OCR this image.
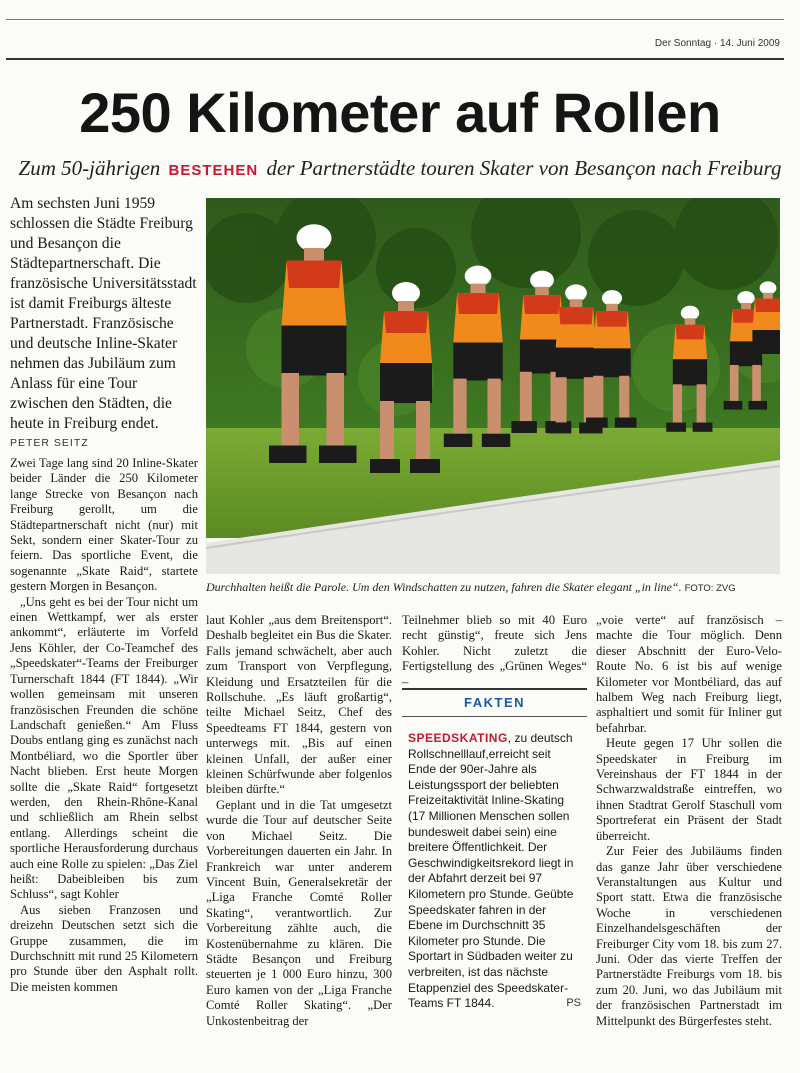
Der Sonntag · 14. Juni 2009
250 Kilometer auf Rollen
Zum 50-jährigen BESTEHEN der Partnerstädte touren Skater von Besançon nach Freiburg

Am sechsten Juni 1959 schlossen die Städte Freiburg und Besançon die Städtepartnerschaft. Die französische Universitätsstadt ist damit Freiburgs älteste Partnerstadt. Französische und deutsche Inline-Skater nehmen das Jubiläum zum Anlass für eine Tour zwischen den Städten, die heute in Freiburg endet.

PETER SEITZ

Zwei Tage lang sind 20 Inline-Skater beider Länder die 250 Kilometer lange Strecke von Besançon nach Freiburg gerollt, um die Städtepartnerschaft nicht (nur) mit Sekt, sondern einer Skater-Tour zu feiern. Das sportliche Event, die sogenannte „Skate Raid“, startete gestern Morgen in Besançon.

„Uns geht es bei der Tour nicht um einen Wettkampf, wer als erster ankommt“, erläuterte im Vorfeld Jens Köhler, der Co-Teamchef des „Speedskater“-Teams der Freiburger Turnerschaft 1844 (FT 1844). „Wir wollen gemeinsam mit unseren französischen Freunden die schöne Landschaft genießen.“ Am Fluss Doubs entlang ging es zunächst nach Montbéliard, wo die Sportler über Nacht blieben. Erst heute Morgen sollte die „Skate Raid“ fortgesetzt werden, den Rhein-Rhône-Kanal und schließlich am Rhein selbst entlang. Allerdings scheint die sportliche Herausforderung durchaus auch eine Rolle zu spielen: „Das Ziel heißt: Dabeibleiben bis zum Schluss“, sagt Kohler

Aus sieben Franzosen und dreizehn Deutschen setzt sich die Gruppe zusammen, die im Durchschnitt mit rund 25 Kilometern pro Stunde über den Asphalt rollt. Die meisten kommen

Durchhalten heißt die Parole. Um den Windschatten zu nutzen, fahren die Skater elegant „in line“. FOTO: ZVG

laut Kohler „aus dem Breitensport“. Deshalb begleitet ein Bus die Skater. Falls jemand schwächelt, aber auch zum Transport von Verpflegung, Kleidung und Ersatzteilen für die Rollschuhe. „Es läuft großartig“, teilte Michael Seitz, Chef des Speedteams FT 1844, gestern von unterwegs mit. „Bis auf einen kleinen Unfall, der außer einer kleinen Schürfwunde aber folgenlos bleiben dürfte.“

Geplant und in die Tat umgesetzt wurde die Tour auf deutscher Seite von Michael Seitz. Die Vorbereitungen dauerten ein Jahr. In Frankreich war unter anderem Vincent Buin, Generalsekretär der „Liga Franche Comté Roller Skating“, verantwortlich. Zur Vorbereitung zählte auch, die Kostenübernahme zu klären. Die Städte Besançon und Freiburg steuerten je 1 000 Euro hinzu, 300 Euro kamen von der „Liga Franche Comté Roller Skating“. „Der Unkostenbeitrag der

Teilnehmer blieb so mit 40 Euro recht günstig“, freute sich Jens Kohler. Nicht zuletzt die Fertigstellung des „Grünen Weges“ –

FAKTEN
SPEEDSKATING, zu deutsch Rollschnelllauf,erreicht seit Ende der 90er-Jahre als Leistungssport der beliebten Freizeitaktivität Inline-Skating (17 Millionen Menschen sollen bundesweit dabei sein) eine breitere Öffentlichkeit. Der Geschwindigkeitsrekord liegt in der Abfahrt derzeit bei 97 Kilometern pro Stunde. Geübte Speedskater fahren in der Ebene im Durchschnitt 35 Kilometer pro Stunde. Die Sportart in Südbaden weiter zu verbreiten, ist das nächste Etappenziel des Speedskater-Teams FT 1844.	PS

„voie verte“ auf französisch – machte die Tour möglich. Denn dieser Abschnitt der Euro-Velo-Route No. 6 ist bis auf wenige Kilometer vor Montbéliard, das auf halbem Weg nach Freiburg liegt, asphaltiert und somit für Inliner gut befahrbar.

Heute gegen 17 Uhr sollen die Speedskater in Freiburg im Vereinshaus der FT 1844 in der Schwarzwaldstraße eintreffen, wo ihnen Stadtrat Gerolf Staschull vom Sportreferat ein Präsent der Stadt überreicht.

Zur Feier des Jubiläums finden das ganze Jahr über verschiedene Veranstaltungen aus Kultur und Sport statt. Etwa die französische Woche in verschiedenen Einzelhandelsgeschäften der Freiburger City vom 18. bis zum 27. Juni. Oder das vierte Treffen der Partnerstädte Freiburgs vom 18. bis zum 20. Juni, wo das Jubiläum mit der französischen Partnerstadt im Mittelpunkt des Bürgerfestes steht.
